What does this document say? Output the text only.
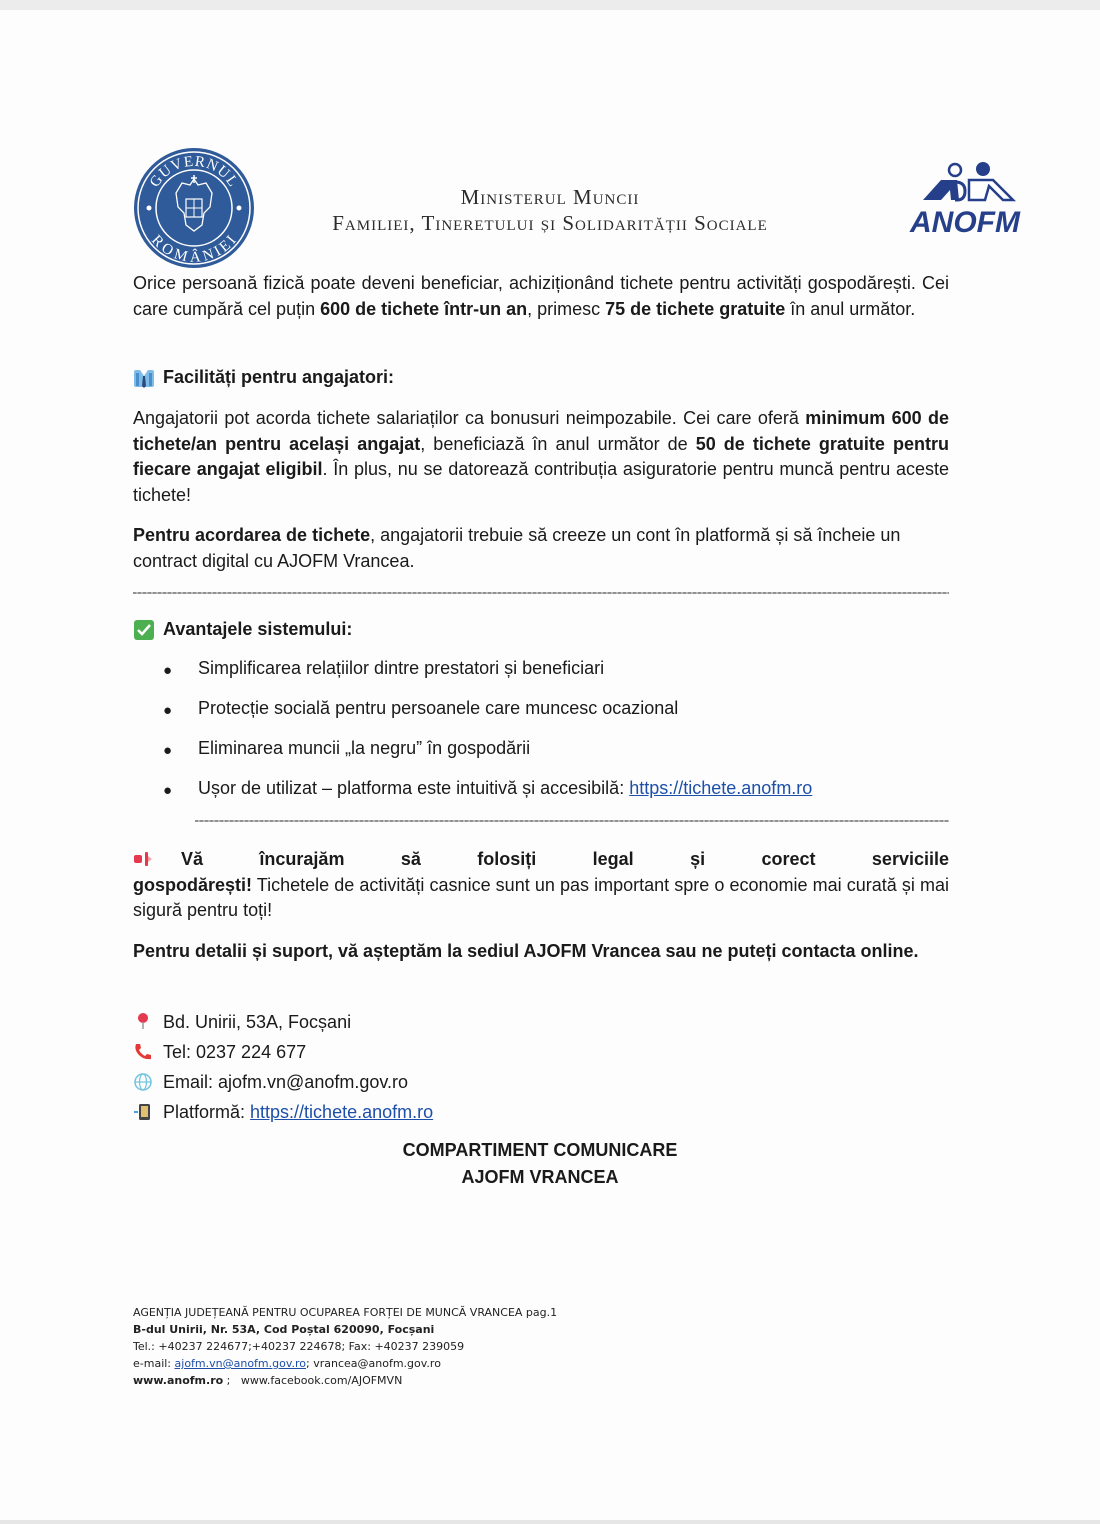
GUVERNUL
ROMÂNIEI
Ministerul Muncii
Familiei, Tineretului și Solidarității Sociale	ANOFM

Orice persoană fizică poate deveni beneficiar, achiziționând tichete pentru activități gospodărești. Cei care cumpără cel puțin 600 de tichete într-un an, primesc 75 de tichete gratuite în anul următor.

Facilități pentru angajatori:

Angajatorii pot acorda tichete salariaților ca bonusuri neimpozabile. Cei care oferă minimum 600 de tichete/an pentru același angajat, beneficiază în anul următor de 50 de tichete gratuite pentru fiecare angajat eligibil. În plus, nu se datorează contribuția asiguratorie pentru muncă pentru aceste tichete!

Pentru acordarea de tichete, angajatorii trebuie să creeze un cont în platformă și să încheie un contract digital cu AJOFM Vrancea.

Avantajele sistemului:
●	Simplificarea relațiilor dintre prestatori și beneficiari
●	Protecție socială pentru persoanele care muncesc ocazional
●	Eliminarea muncii „la negru” în gospodării
●	Ușor de utilizat – platforma este intuitivă și accesibilă:
https://tichete.anofm.ro

Vă încurajăm să folosiți legal și corect serviciile gospodărești! Tichetele de activități casnice sunt un pas important spre o economie mai curată și mai sigură pentru toți!

Pentru detalii și suport, vă așteptăm la sediul AJOFM Vrancea sau ne puteți contacta online.

Bd. Unirii, 53A, Focșani
Tel: 0237 224 677
Email: ajofm.vn@anofm.gov.ro
Platformă: https://tichete.anofm.ro
COMPARTIMENT COMUNICARE
AJOFM VRANCEA
AGENȚIA JUDEȚEANĂ PENTRU OCUPAREA FORȚEI DE MUNCĂ VRANCEA pag.1
B-dul Unirii, Nr. 53A, Cod Poștal 620090, Focșani
Tel.: +40237 224677;+40237 224678; Fax: +40237 239059
e-mail: ajofm.vn@anofm.gov.ro; vrancea@anofm.gov.ro
www.anofm.ro ;   www.facebook.com/AJOFMVN
